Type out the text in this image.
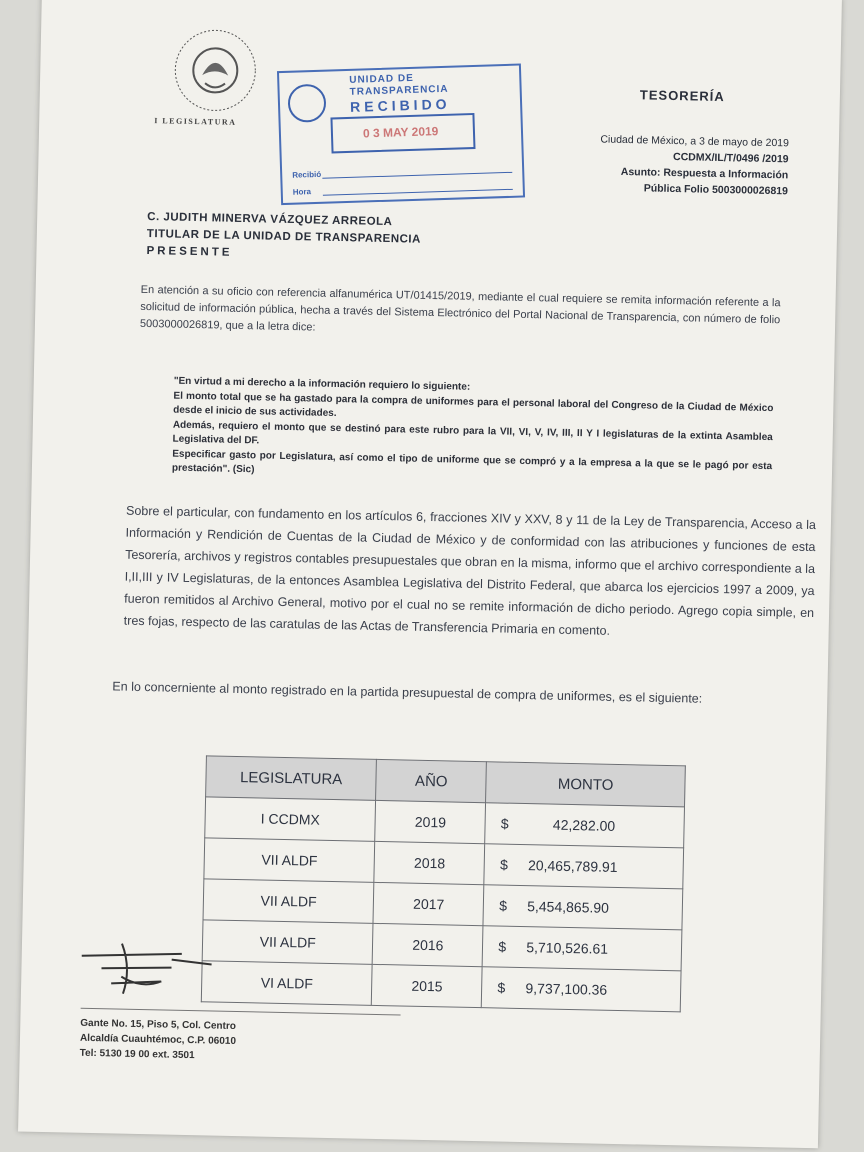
I LEGISLATURA
UNIDAD DE
TRANSPARENCIA
RECIBIDO
0 3 MAY 2019
Recibió
Hora
TESORERÍA
Ciudad de México, a 3 de mayo de 2019
CCDMX/IL/T/0496 /2019
Asunto: Respuesta a Información
Pública Folio 5003000026819
C. JUDITH MINERVA VÁZQUEZ ARREOLA
TITULAR DE LA UNIDAD DE TRANSPARENCIA
PRESENTE
En atención a su oficio con referencia alfanumérica UT/01415/2019, mediante el cual requiere se remita información referente a la solicitud de información pública, hecha a través del Sistema Electrónico del Portal Nacional de Transparencia, con número de folio 5003000026819, que a la letra dice:
"En virtud a mi derecho a la información requiero lo siguiente:
El monto total que se ha gastado para la compra de uniformes para el personal laboral del Congreso de la Ciudad de México desde el inicio de sus actividades.
Además, requiero el monto que se destinó para este rubro para la VII, VI, V, IV, III, II Y I legislaturas de la extinta Asamblea Legislativa del DF.
Especificar gasto por Legislatura, así como el tipo de uniforme que se compró y a la empresa a la que se le pagó por esta prestación". (Sic)
Sobre el particular, con fundamento en los artículos 6, fracciones XIV y XXV, 8 y 11 de la Ley de Transparencia, Acceso a la Información y Rendición de Cuentas de la Ciudad de México y de conformidad con las atribuciones y funciones de esta Tesorería, archivos y registros contables presupuestales que obran en la misma, informo que el archivo correspondiente a la I,II,III y IV Legislaturas, de la entonces Asamblea Legislativa del Distrito Federal, que abarca los ejercicios 1997 a 2009, ya fueron remitidos al Archivo General, motivo por el cual no se remite información de dicho periodo. Agrego copia simple, en tres fojas, respecto de las caratulas de las Actas de Transferencia Primaria en comento.
En lo concerniente al monto registrado en la partida presupuestal de compra de uniformes, es el siguiente:
LEGISLATURA	AÑO	MONTO
I CCDMX	2019	$ 42,282.00
VII ALDF	2018	$ 20,465,789.91
VII ALDF	2017	$ 5,454,865.90
VII ALDF	2016	$ 5,710,526.61
VI ALDF	2015	$ 9,737,100.36
Gante No. 15, Piso 5, Col. Centro
Alcaldía Cuauhtémoc, C.P. 06010
Tel: 5130 19 00 ext. 3501
